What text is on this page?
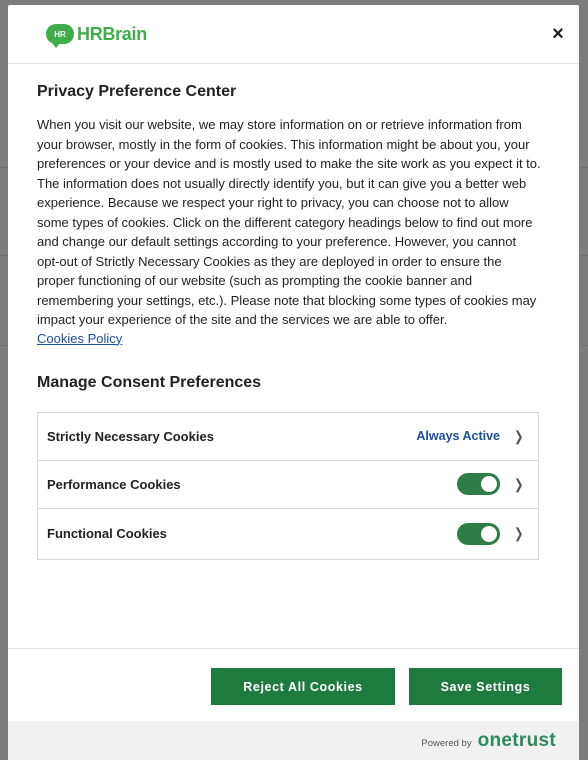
HR HRBrain	×
Privacy Preference Center

When you visit our website, we may store information on or retrieve information from your browser, mostly in the form of cookies. This information might be about you, your preferences or your device and is mostly used to make the site work as you expect it to. The information does not usually directly identify you, but it can give you a better web experience. Because we respect your right to privacy, you can choose not to allow some types of cookies. Click on the different category headings below to find out more and change our default settings according to your preference. However, you cannot opt-out of Strictly Necessary Cookies as they are deployed in order to ensure the proper functioning of our website (such as prompting the cookie banner and remembering your settings, etc.). Please note that blocking some types of cookies may impact your experience of the site and the services we are able to offer.

Cookies Policy
Manage Consent Preferences
Strictly Necessary Cookies	Always Active ❯
Performance Cookies	❯
Functional Cookies	❯
Reject All Cookies	Save Settings
Powered by onetrust
